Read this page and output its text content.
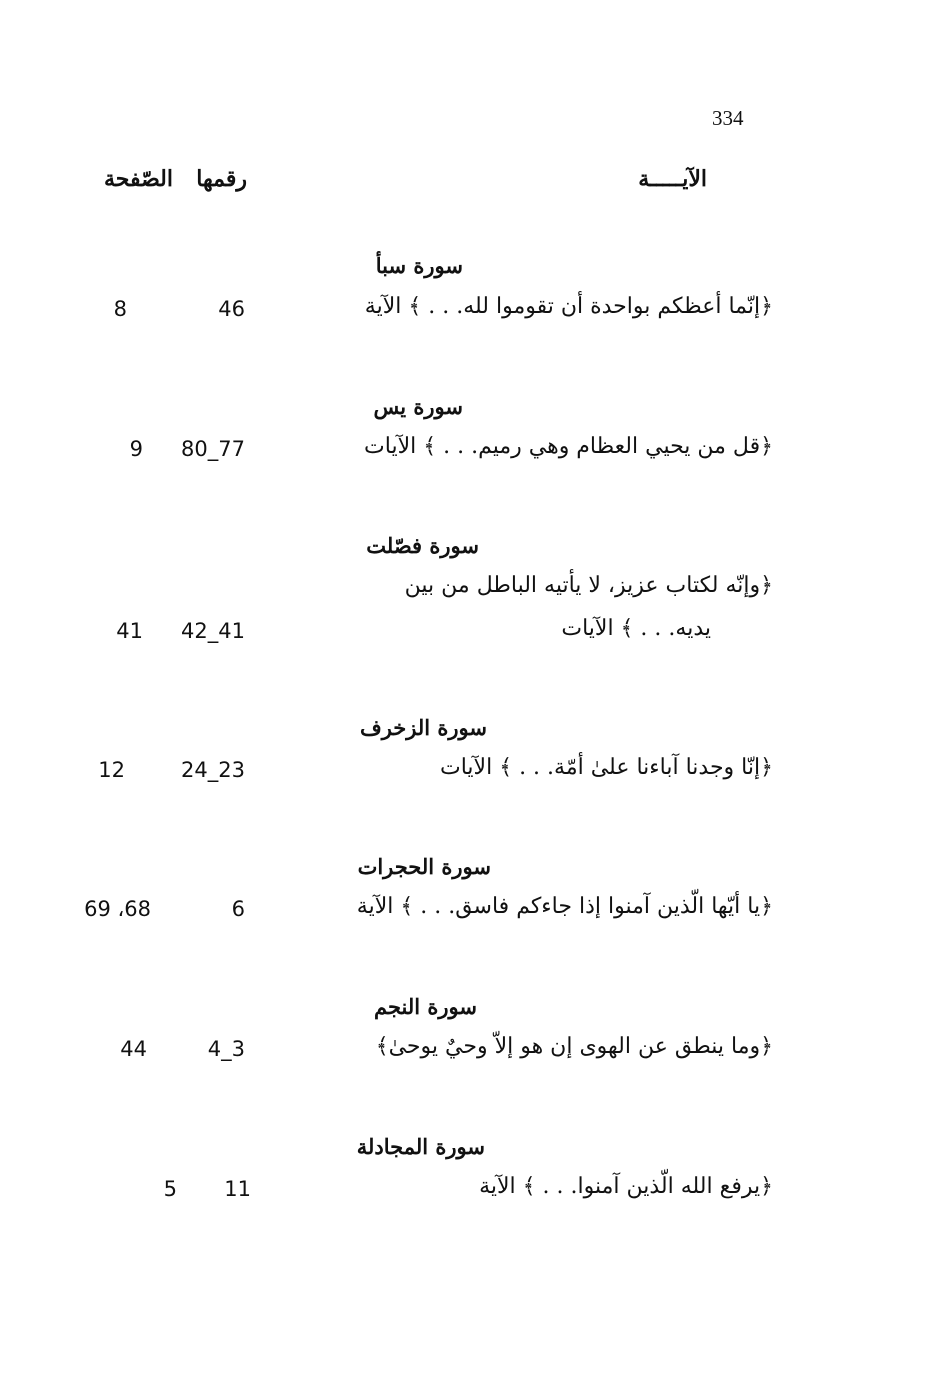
334
الآيـــــة
رقمها
الصّفحة
سورة سبأ
﴿إنّما أعظكم بواحدة أن تقوموا لله. . . ﴾ الآية
46
8
سورة يس
﴿قل من يحيي العظام وهي رميم. . . ﴾ الآيات
80_77
9
سورة فصّلت
﴿وإنّه لكتاب عزيز، لا يأتيه الباطل من بين
يديه. . . ﴾ الآيات
42_41
41
سورة الزخرف
﴿إنّا وجدنا آباءنا علىٰ أمّة. . . ﴾ الآيات
24_23
12
سورة الحجرات
﴿يا أيّها الّذين آمنوا إذا جاءكم فاسق. . . ﴾ الآية
6
69 ،68
سورة النجم
﴿وما ينطق عن الهوى إن هو إلاّ وحيٌ يوحىٰ﴾
4_3
44
سورة المجادلة
﴿يرفع الله الّذين آمنوا. . . ﴾ الآية
11
5
